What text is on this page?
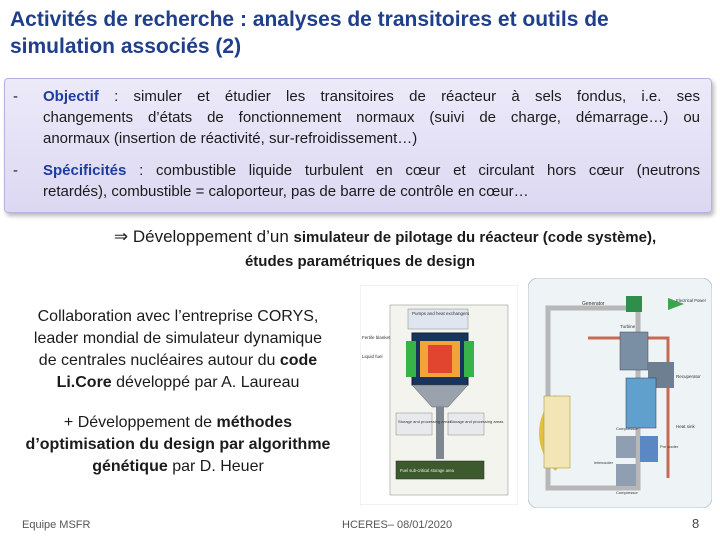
Activités de recherche : analyses de transitoires et outils de
simulation associés (2)
- Objectif : simuler et étudier les transitoires de réacteur à sels fondus, i.e. ses
changements d’états de fonctionnement normaux (suivi de charge, démarrage…) ou
anormaux (insertion de réactivité, sur-refroidissement…)
- Spécificités : combustible liquide turbulent en cœur et circulant hors cœur (neutrons
retardés), combustible = caloporteur, pas de barre de contrôle en cœur…
⇒ Développement d’un simulateur de pilotage du réacteur (code système),
études paramétriques de design
Collaboration avec l’entreprise CORYS,
leader mondial de simulateur dynamique
de centrales nucléaires autour du code
Li.Core développé par A. Laureau
+ Développement de méthodes
d’optimisation du design par algorithme
génétique par D. Heuer
Pumps and heat exchangers
Fertile blanket
Liquid fuel
Storage and processing areas
Storage and processing areas
Fuel sub-critical storage area
Generator
Electrical Power
Turbine
Recuperator
Heat sink
Compressor
Pre cooler
Intercooler
Compressor
Equipe MSFR	HCERES– 08/01/2020	8
